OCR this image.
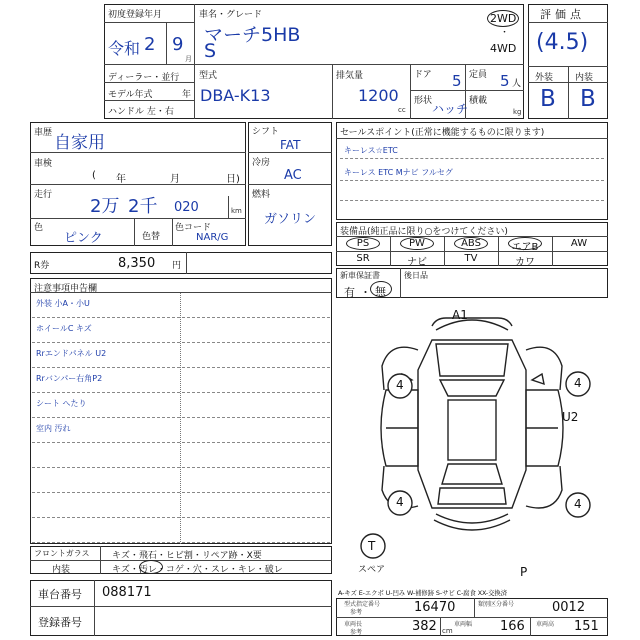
初度登録年月
令和 2 9
月
車名・グレード
マーチ5HB
S
2WD
・
4WD
ディーラー・並行
モデル年式	年
ハンドル 左・右
型式
DBA-K13
排気量
1200
cc
ドア 5 定員 5 人
形状
ハッチ
積載
kg
評価点
(4.5)
外装 内装
B B
車歴 自家用
車検
( 年	月	日)
走行
2万 2千 020	km
色
ピンク	色替
色コード
NAR/G
シフト
FAT
冷房
AC
燃料
ガソリン
セールスポイント(正常に機能するものに限ります)
キーレス☆ETC
キーレス ETC Mナビ フルセグ
装備品(純正品に限り○をつけてください)
PS	PW	ABS	エアB	AW
SR	ナビ	TV	カワ
新車保証書	後日品
有 ・ 無
R券	8,350 円
注意事項申告欄
外装 小A・小U
ホイールC キズ
Rrエンドパネル U2
Rrバンパー右角P2
シート へたり
室内 汚れ
A1
4	4
4	4
U2
P
T
スペア
A-キズ E-エクボ U-凹み W-補修跡 S-サビ C-腐食 XX-交換済
フロントガラス キズ・飛石・ヒビ割・リペア跡・X要
内装	キズ・汚レ・コゲ・穴・スレ・キレ・破レ
車台番号 088171
登録番号
型式指定番号
参考	16470	類別区分番号	0012
車両長
参考	382 cm
車両幅 166 車両高 151
